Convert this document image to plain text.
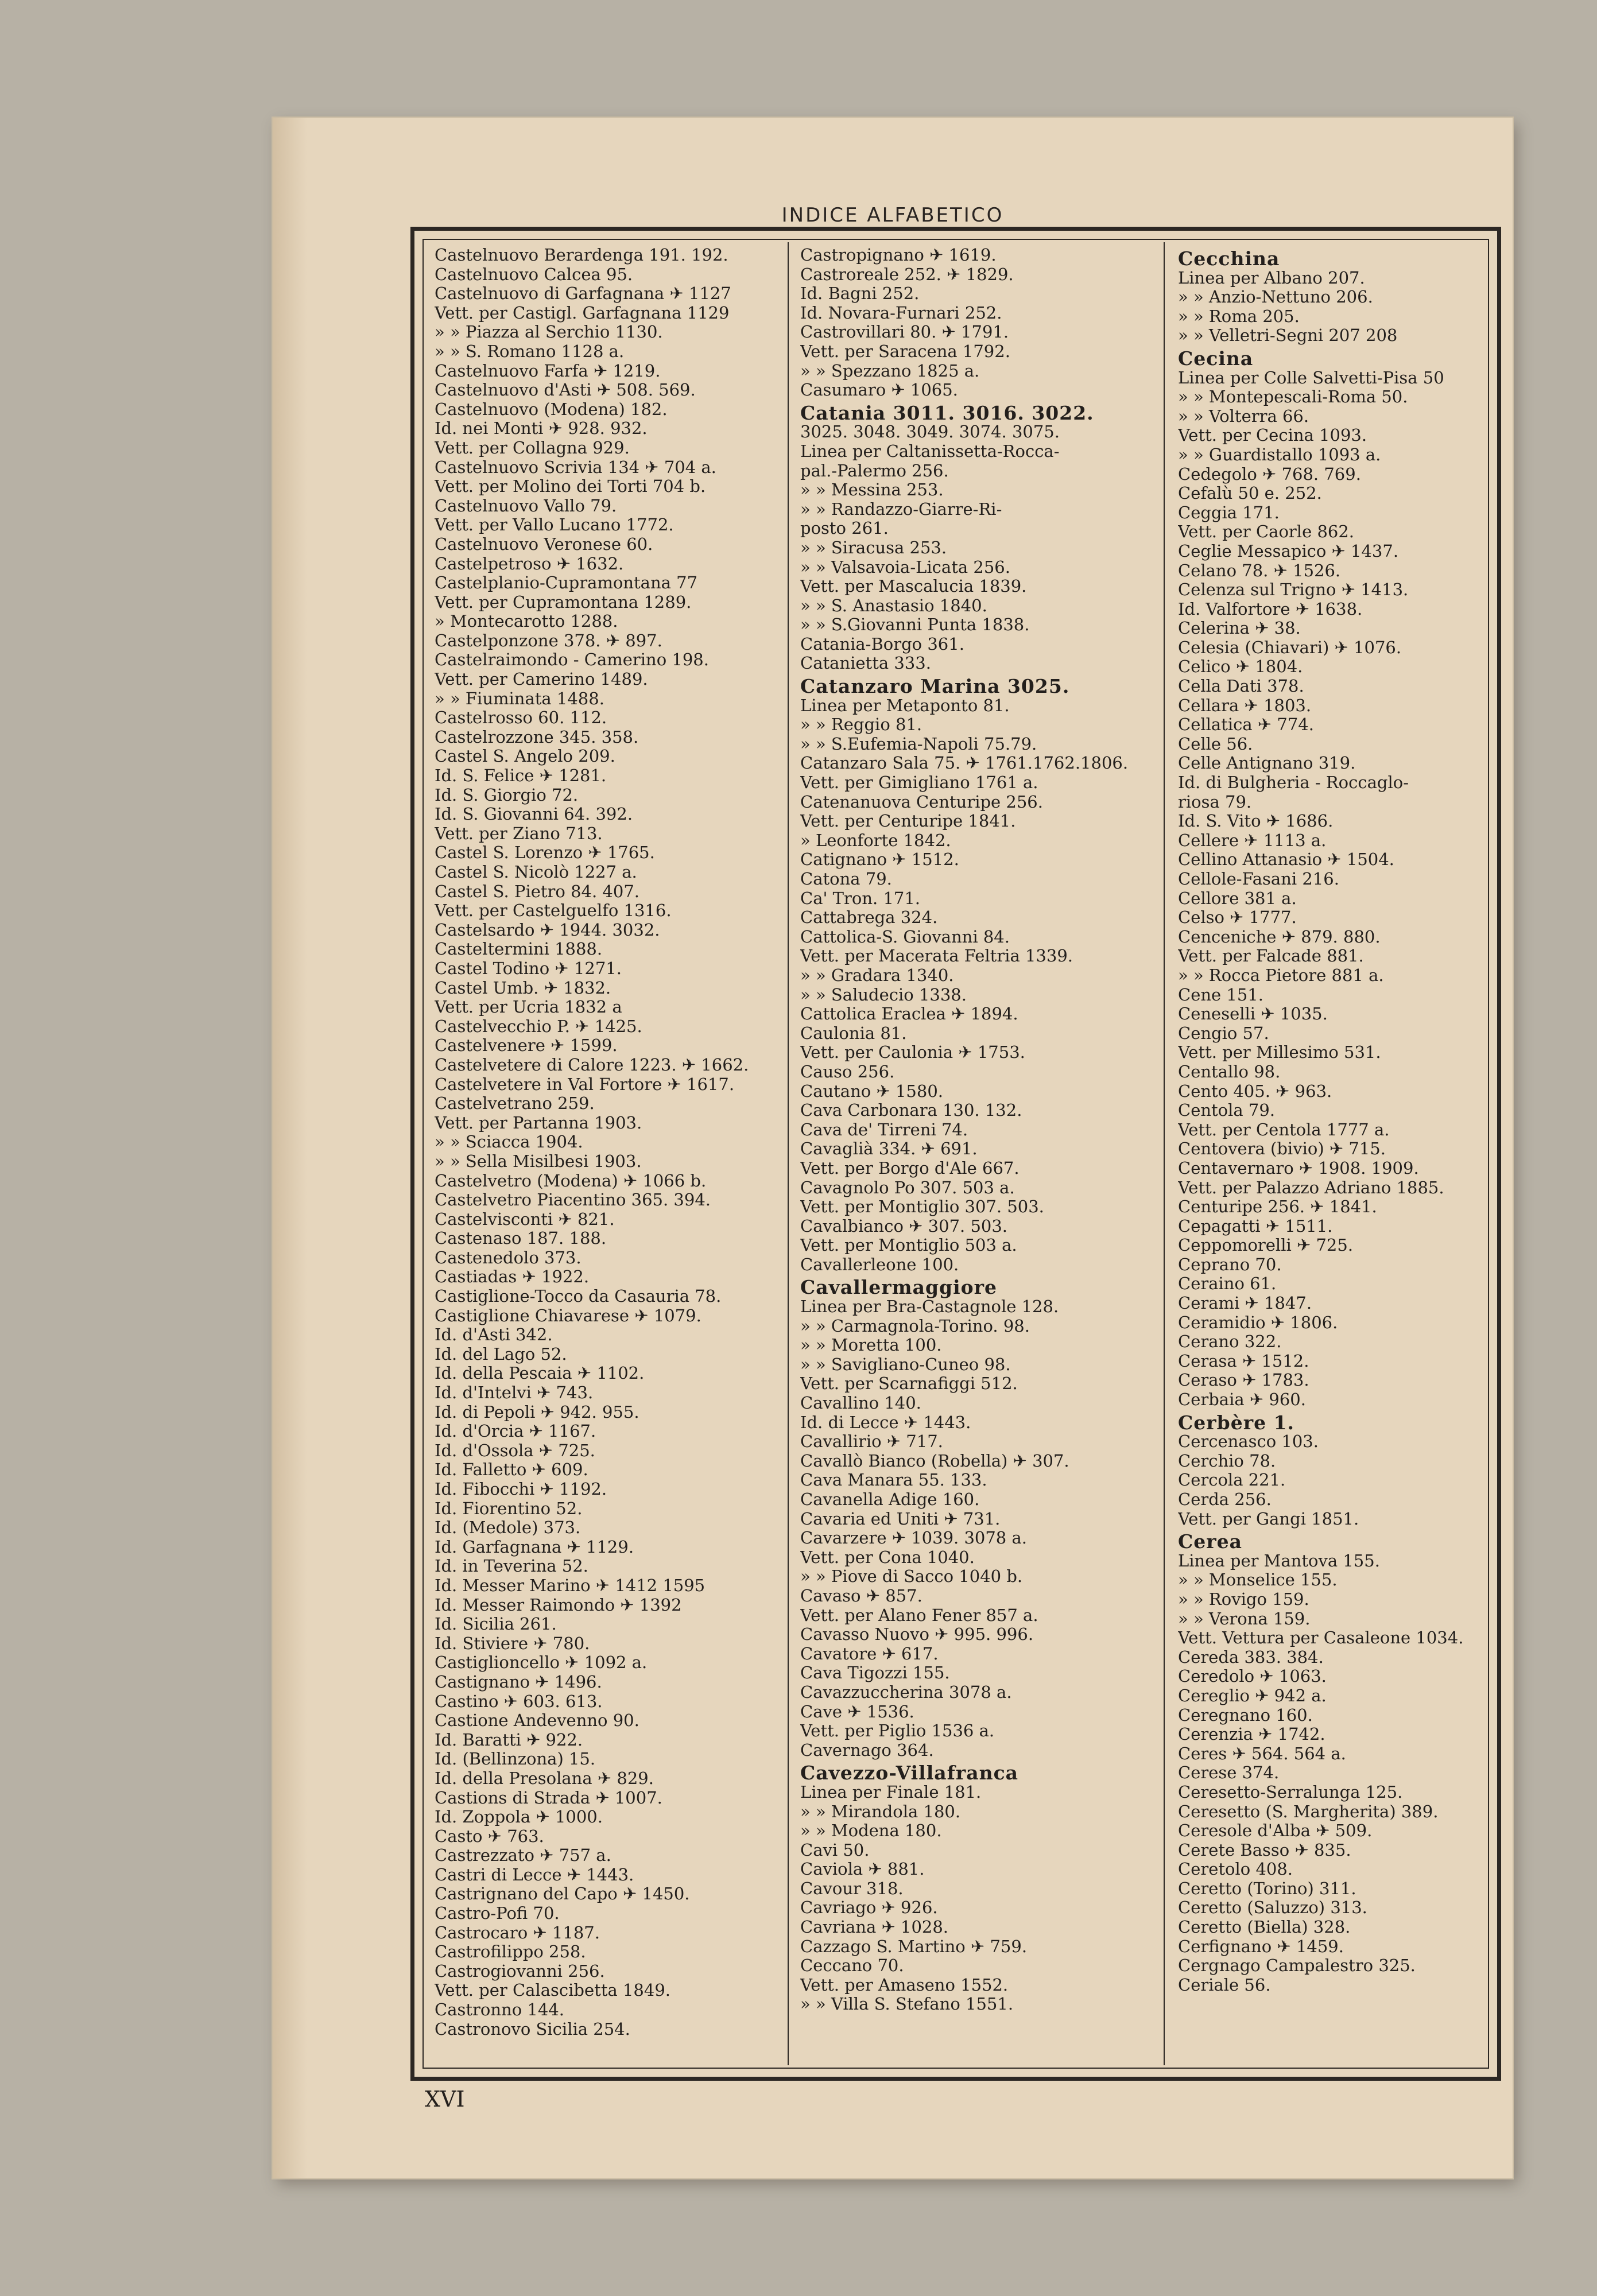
INDICE ALFABETICO
Castelnuovo Berardenga 191. 192.
Castelnuovo Calcea 95.
Castelnuovo di Garfagnana ✈ 1127
Vett. per Castigl. Garfagnana 1129
» » Piazza al Serchio 1130.
» » S. Romano 1128 a.
Castelnuovo Farfa ✈ 1219.
Castelnuovo d'Asti ✈ 508. 569.
Castelnuovo (Modena) 182.
Id. nei Monti ✈ 928. 932.
Vett. per Collagna 929.
Castelnuovo Scrivia 134 ✈ 704 a.
Vett. per Molino dei Torti 704 b.
Castelnuovo Vallo 79.
Vett. per Vallo Lucano 1772.
Castelnuovo Veronese 60.
Castelpetroso ✈ 1632.
Castelplanio-Cupramontana 77
Vett. per Cupramontana 1289.
» Montecarotto 1288.
Castelponzone 378. ✈ 897.
Castelraimondo - Camerino 198.
Vett. per Camerino 1489.
» » Fiuminata 1488.
Castelrosso 60. 112.
Castelrozzone 345. 358.
Castel S. Angelo 209.
Id. S. Felice ✈ 1281.
Id. S. Giorgio 72.
Id. S. Giovanni 64. 392.
Vett. per Ziano 713.
Castel S. Lorenzo ✈ 1765.
Castel S. Nicolò 1227 a.
Castel S. Pietro 84. 407.
Vett. per Castelguelfo 1316.
Castelsardo ✈ 1944. 3032.
Casteltermini 1888.
Castel Todino ✈ 1271.
Castel Umb. ✈ 1832.
Vett. per Ucria 1832 a
Castelvecchio P. ✈ 1425.
Castelvenere ✈ 1599.
Castelvetere di Calore 1223. ✈ 1662.
Castelvetere in Val Fortore ✈ 1617.
Castelvetrano 259.
Vett. per Partanna 1903.
» » Sciacca 1904.
» » Sella Misilbesi 1903.
Castelvetro (Modena) ✈ 1066 b.
Castelvetro Piacentino 365. 394.
Castelvisconti ✈ 821.
Castenaso 187. 188.
Castenedolo 373.
Castiadas ✈ 1922.
Castiglione-Tocco da Casauria 78.
Castiglione Chiavarese ✈ 1079.
Id. d'Asti 342.
Id. del Lago 52.
Id. della Pescaia ✈ 1102.
Id. d'Intelvi ✈ 743.
Id. di Pepoli ✈ 942. 955.
Id. d'Orcia ✈ 1167.
Id. d'Ossola ✈ 725.
Id. Falletto ✈ 609.
Id. Fibocchi ✈ 1192.
Id. Fiorentino 52.
Id. (Medole) 373.
Id. Garfagnana ✈ 1129.
Id. in Teverina 52.
Id. Messer Marino ✈ 1412 1595
Id. Messer Raimondo ✈ 1392
Id. Sicilia 261.
Id. Stiviere ✈ 780.
Castiglioncello ✈ 1092 a.
Castignano ✈ 1496.
Castino ✈ 603. 613.
Castione Andevenno 90.
Id. Baratti ✈ 922.
Id. (Bellinzona) 15.
Id. della Presolana ✈ 829.
Castions di Strada ✈ 1007.
Id. Zoppola ✈ 1000.
Casto ✈ 763.
Castrezzato ✈ 757 a.
Castri di Lecce ✈ 1443.
Castrignano del Capo ✈ 1450.
Castro-Pofi 70.
Castrocaro ✈ 1187.
Castrofilippo 258.
Castrogiovanni 256.
Vett. per Calascibetta 1849.
Castronno 144.
Castronovo Sicilia 254.
Castropignano ✈ 1619.
Castroreale 252. ✈ 1829.
Id. Bagni 252.
Id. Novara-Furnari 252.
Castrovillari 80. ✈ 1791.
Vett. per Saracena 1792.
» » Spezzano 1825 a.
Casumaro ✈ 1065.
Catania 3011. 3016. 3022.
3025. 3048. 3049. 3074. 3075.
Linea per Caltanissetta-Rocca-
pal.-Palermo 256.
» » Messina 253.
» » Randazzo-Giarre-Ri-
posto 261.
» » Siracusa 253.
» » Valsavoia-Licata 256.
Vett. per Mascalucia 1839.
» » S. Anastasio 1840.
» » S.Giovanni Punta 1838.
Catania-Borgo 361.
Catanietta 333.
Catanzaro Marina 3025.
Linea per Metaponto 81.
» » Reggio 81.
» » S.Eufemia-Napoli 75.79.
Catanzaro Sala 75. ✈ 1761.1762.1806.
Vett. per Gimigliano 1761 a.
Catenanuova Centuripe 256.
Vett. per Centuripe 1841.
» Leonforte 1842.
Catignano ✈ 1512.
Catona 79.
Ca' Tron. 171.
Cattabrega 324.
Cattolica-S. Giovanni 84.
Vett. per Macerata Feltria 1339.
» » Gradara 1340.
» » Saludecio 1338.
Cattolica Eraclea ✈ 1894.
Caulonia 81.
Vett. per Caulonia ✈ 1753.
Causo 256.
Cautano ✈ 1580.
Cava Carbonara 130. 132.
Cava de' Tirreni 74.
Cavaglià 334. ✈ 691.
Vett. per Borgo d'Ale 667.
Cavagnolo Po 307. 503 a.
Vett. per Montiglio 307. 503.
Cavalbianco ✈ 307. 503.
Vett. per Montiglio 503 a.
Cavallerleone 100.
Cavallermaggiore
Linea per Bra-Castagnole 128.
» » Carmagnola-Torino. 98.
» » Moretta 100.
» » Savigliano-Cuneo 98.
Vett. per Scarnafiggi 512.
Cavallino 140.
Id. di Lecce ✈ 1443.
Cavallirio ✈ 717.
Cavallò Bianco (Robella) ✈ 307.
Cava Manara 55. 133.
Cavanella Adige 160.
Cavaria ed Uniti ✈ 731.
Cavarzere ✈ 1039. 3078 a.
Vett. per Cona 1040.
» » Piove di Sacco 1040 b.
Cavaso ✈ 857.
Vett. per Alano Fener 857 a.
Cavasso Nuovo ✈ 995. 996.
Cavatore ✈ 617.
Cava Tigozzi 155.
Cavazzuccherina 3078 a.
Cave ✈ 1536.
Vett. per Piglio 1536 a.
Cavernago 364.
Cavezzo-Villafranca
Linea per Finale 181.
» » Mirandola 180.
» » Modena 180.
Cavi 50.
Caviola ✈ 881.
Cavour 318.
Cavriago ✈ 926.
Cavriana ✈ 1028.
Cazzago S. Martino ✈ 759.
Ceccano 70.
Vett. per Amaseno 1552.
» » Villa S. Stefano 1551.
Cecchina
Linea per Albano 207.
» » Anzio-Nettuno 206.
» » Roma 205.
» » Velletri-Segni 207 208
Cecina
Linea per Colle Salvetti-Pisa 50
» » Montepescali-Roma 50.
» » Volterra 66.
Vett. per Cecina 1093.
» » Guardistallo 1093 a.
Cedegolo ✈ 768. 769.
Cefalù 50 e. 252.
Ceggia 171.
Vett. per Caorle 862.
Ceglie Messapico ✈ 1437.
Celano 78. ✈ 1526.
Celenza sul Trigno ✈ 1413.
Id. Valfortore ✈ 1638.
Celerina ✈ 38.
Celesia (Chiavari) ✈ 1076.
Celico ✈ 1804.
Cella Dati 378.
Cellara ✈ 1803.
Cellatica ✈ 774.
Celle 56.
Celle Antignano 319.
Id. di Bulgheria - Roccaglo-
riosa 79.
Id. S. Vito ✈ 1686.
Cellere ✈ 1113 a.
Cellino Attanasio ✈ 1504.
Cellole-Fasani 216.
Cellore 381 a.
Celso ✈ 1777.
Cenceniche ✈ 879. 880.
Vett. per Falcade 881.
» » Rocca Pietore 881 a.
Cene 151.
Ceneselli ✈ 1035.
Cengio 57.
Vett. per Millesimo 531.
Centallo 98.
Cento 405. ✈ 963.
Centola 79.
Vett. per Centola 1777 a.
Centovera (bivio) ✈ 715.
Centavernaro ✈ 1908. 1909.
Vett. per Palazzo Adriano 1885.
Centuripe 256. ✈ 1841.
Cepagatti ✈ 1511.
Ceppomorelli ✈ 725.
Ceprano 70.
Ceraino 61.
Cerami ✈ 1847.
Ceramidio ✈ 1806.
Cerano 322.
Cerasa ✈ 1512.
Ceraso ✈ 1783.
Cerbaia ✈ 960.
Cerbère 1.
Cercenasco 103.
Cerchio 78.
Cercola 221.
Cerda 256.
Vett. per Gangi 1851.
Cerea
Linea per Mantova 155.
» » Monselice 155.
» » Rovigo 159.
» » Verona 159.
Vett. Vettura per Casaleone 1034.
Cereda 383. 384.
Ceredolo ✈ 1063.
Cereglio ✈ 942 a.
Ceregnano 160.
Cerenzia ✈ 1742.
Ceres ✈ 564. 564 a.
Cerese 374.
Ceresetto-Serralunga 125.
Ceresetto (S. Margherita) 389.
Ceresole d'Alba ✈ 509.
Cerete Basso ✈ 835.
Ceretolo 408.
Ceretto (Torino) 311.
Ceretto (Saluzzo) 313.
Ceretto (Biella) 328.
Cerfignano ✈ 1459.
Cergnago Campalestro 325.
Ceriale 56.
XVI
